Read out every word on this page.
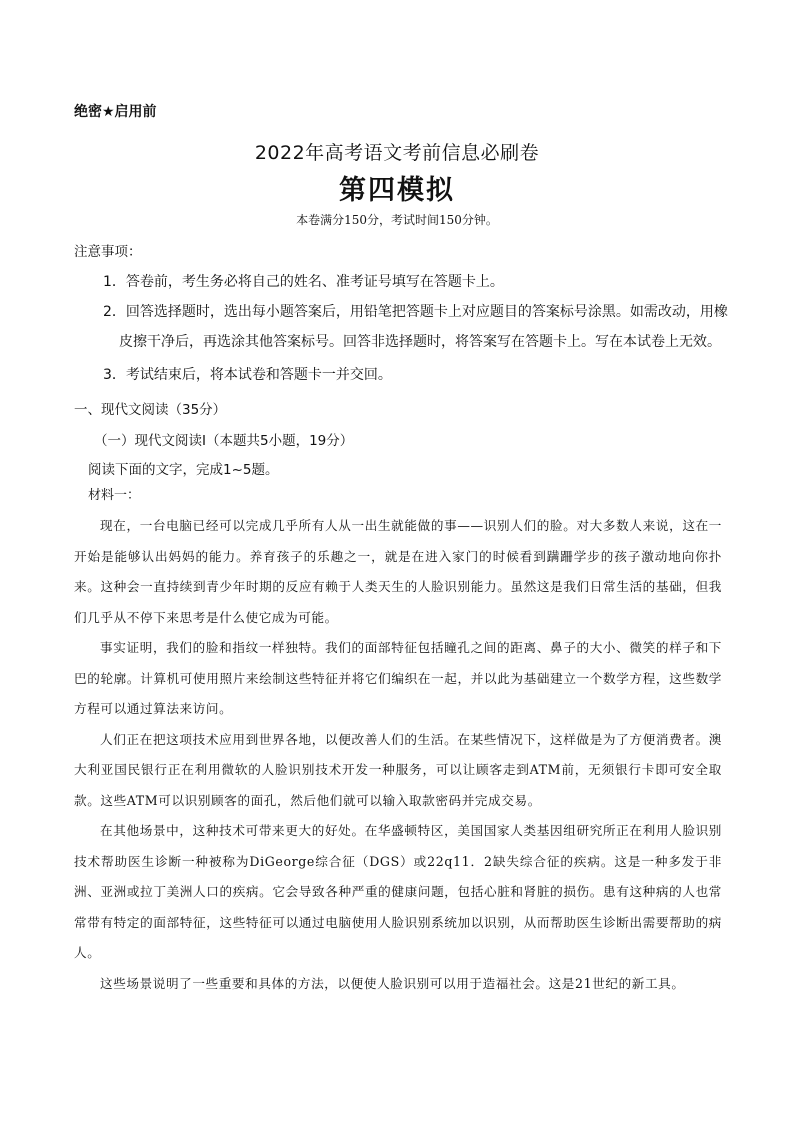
绝密★启用前
2022年高考语文考前信息必刷卷
第四模拟
本卷满分150分，考试时间150分钟。
注意事项：
1．答卷前，考生务必将自己的姓名、准考证号填写在答题卡上。
2．回答选择题时，选出每小题答案后，用铅笔把答题卡上对应题目的答案标号涂黑。如需改动，用橡
皮擦干净后，再选涂其他答案标号。回答非选择题时，将答案写在答题卡上。写在本试卷上无效。
3．考试结束后，将本试卷和答题卡一并交回。
一、现代文阅读（35分）
（一）现代文阅读Ⅰ（本题共5小题，19分）
阅读下面的文字，完成1~5题。
材料一：

现在，一台电脑已经可以完成几乎所有人从一出生就能做的事——识别人们的脸。对大多数人来说，这在一开始是能够认出妈妈的能力。养育孩子的乐趣之一，就是在进入家门的时候看到蹒跚学步的孩子激动地向你扑来。这种会一直持续到青少年时期的反应有赖于人类天生的人脸识别能力。虽然这是我们日常生活的基础，但我们几乎从不停下来思考是什么使它成为可能。

事实证明，我们的脸和指纹一样独特。我们的面部特征包括瞳孔之间的距离、鼻子的大小、微笑的样子和下巴的轮廓。计算机可使用照片来绘制这些特征并将它们编织在一起，并以此为基础建立一个数学方程，这些数学方程可以通过算法来访问。

人们正在把这项技术应用到世界各地，以便改善人们的生活。在某些情况下，这样做是为了方便消费者。澳大利亚国民银行正在利用微软的人脸识别技术开发一种服务，可以让顾客走到ATM前，无须银行卡即可安全取款。这些ATM可以识别顾客的面孔，然后他们就可以输入取款密码并完成交易。

在其他场景中，这种技术可带来更大的好处。在华盛顿特区，美国国家人类基因组研究所正在利用人脸识别技术帮助医生诊断一种被称为DiGeorge综合征（DGS）或22q11．2缺失综合征的疾病。这是一种多发于非洲、亚洲或拉丁美洲人口的疾病。它会导致各种严重的健康问题，包括心脏和肾脏的损伤。患有这种病的人也常常带有特定的面部特征，这些特征可以通过电脑使用人脸识别系统加以识别，从而帮助医生诊断出需要帮助的病人。

这些场景说明了一些重要和具体的方法，以便使人脸识别可以用于造福社会。这是21世纪的新工具。
